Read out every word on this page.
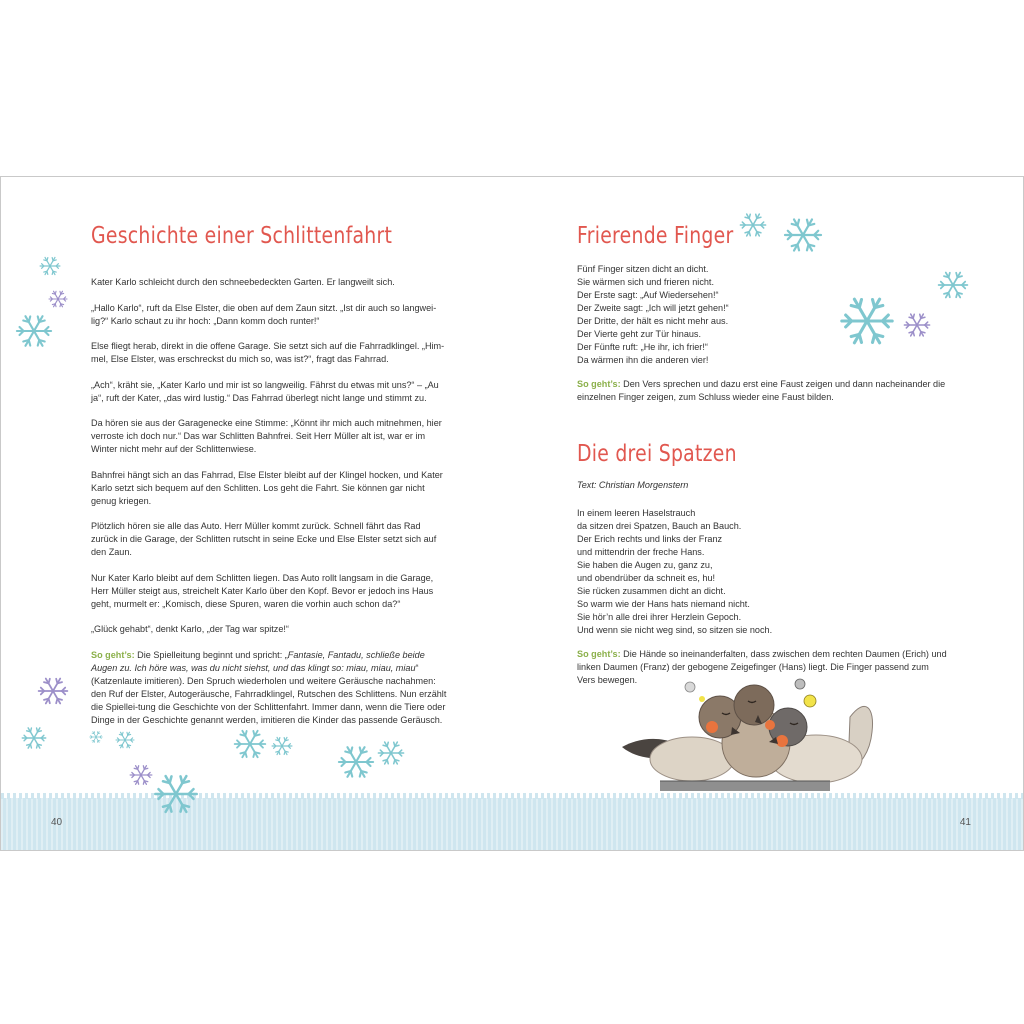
Geschichte einer Schlittenfahrt

Kater Karlo schleicht durch den schneebedeckten Garten. Er langweilt sich.

„Hallo Karlo“, ruft da Else Elster, die oben auf dem Zaun sitzt. „Ist dir auch so langwei-lig?“ Karlo schaut zu ihr hoch: „Dann komm doch runter!“

Else fliegt herab, direkt in die offene Garage. Sie setzt sich auf die Fahrradklingel. „Him-mel, Else Elster, was erschreckst du mich so, was ist?“, fragt das Fahrrad.

„Ach“, kräht sie, „Kater Karlo und mir ist so langweilig. Fährst du etwas mit uns?“ – „Au ja“, ruft der Kater, „das wird lustig.“ Das Fahrrad überlegt nicht lange und stimmt zu.

Da hören sie aus der Garagenecke eine Stimme: „Könnt ihr mich auch mitnehmen, hier verroste ich doch nur.“ Das war Schlitten Bahnfrei. Seit Herr Müller alt ist, war er im Winter nicht mehr auf der Schlittenwiese.

Bahnfrei hängt sich an das Fahrrad, Else Elster bleibt auf der Klingel hocken, und Kater Karlo setzt sich bequem auf den Schlitten. Los geht die Fahrt. Sie können gar nicht genug kriegen.

Plötzlich hören sie alle das Auto. Herr Müller kommt zurück. Schnell fährt das Rad zurück in die Garage, der Schlitten rutscht in seine Ecke und Else Elster setzt sich auf den Zaun.

Nur Kater Karlo bleibt auf dem Schlitten liegen. Das Auto rollt langsam in die Garage, Herr Müller steigt aus, streichelt Kater Karlo über den Kopf. Bevor er jedoch ins Haus geht, murmelt er: „Komisch, diese Spuren, waren die vorhin auch schon da?“

„Glück gehabt“, denkt Karlo, „der Tag war spitze!“

So geht’s: Die Spielleitung beginnt und spricht: „Fantasie, Fantadu, schließe beide Augen zu. Ich höre was, was du nicht siehst, und das klingt so: miau, miau, miau“ (Katzenlaute imitieren). Den Spruch wiederholen und weitere Geräusche nachahmen: den Ruf der Elster, Autogeräusche, Fahrradklingel, Rutschen des Schlittens. Nun erzählt die Spiellei-tung die Geschichte von der Schlittenfahrt. Immer dann, wenn die Tiere oder Dinge in der Geschichte genannt werden, imitieren die Kinder das passende Geräusch.

Frierende Finger
Fünf Finger sitzen dicht an dicht.
Sie wärmen sich und frieren nicht.
Der Erste sagt: „Auf Wiedersehen!“
Der Zweite sagt: „Ich will jetzt gehen!“
Der Dritte, der hält es nicht mehr aus.
Der Vierte geht zur Tür hinaus.
Der Fünfte ruft: „He ihr, ich frier!“
Da wärmen ihn die anderen vier!
So geht’s: Den Vers sprechen und dazu erst eine Faust zeigen und dann nacheinander die einzelnen Finger zeigen, zum Schluss wieder eine Faust bilden.
Die drei Spatzen
Text: Christian Morgenstern
In einem leeren Haselstrauch
da sitzen drei Spatzen, Bauch an Bauch.
Der Erich rechts und links der Franz
und mittendrin der freche Hans.
Sie haben die Augen zu, ganz zu,
und obendrüber da schneit es, hu!
Sie rücken zusammen dicht an dicht.
So warm wie der Hans hats niemand nicht.
Sie hör’n alle drei ihrer Herzlein Gepoch.
Und wenn sie nicht weg sind, so sitzen sie noch.
So geht’s: Die Hände so ineinanderfalten, dass zwischen dem rechten Daumen (Erich) und linken Daumen (Franz) der gebogene Zeigefinger (Hans) liegt. Die Finger passend zum Vers bewegen.
40	41
